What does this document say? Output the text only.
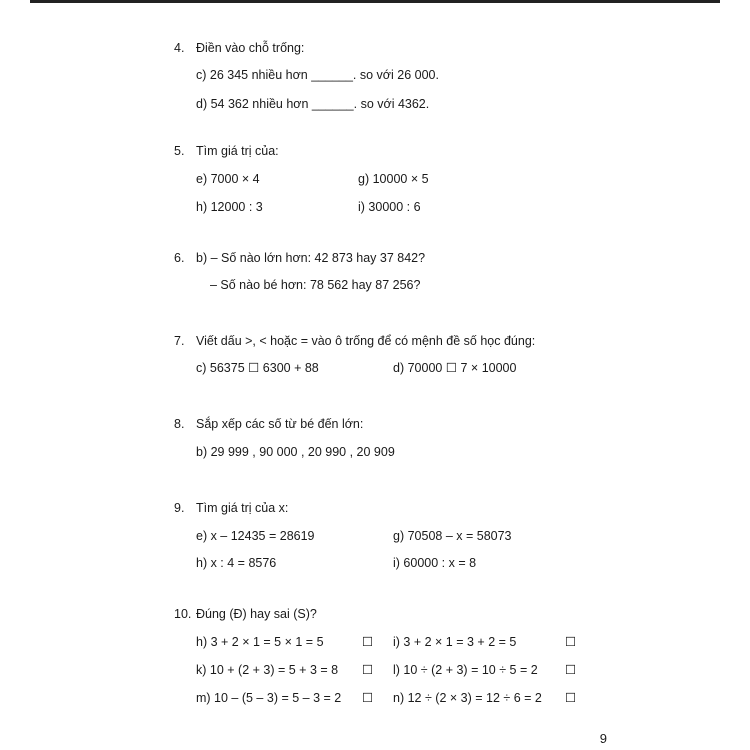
4. Điền vào chỗ trống:
c) 26 345 nhiều hơn ______. so với 26 000.
d) 54 362 nhiều hơn ______. so với 4362.
5. Tìm giá trị của:
e) 7000 × 4	g) 10000 × 5
h) 12000 : 3	i) 30000 : 6
6. b) – Số nào lớn hơn: 42 873 hay 37 842?
– Số nào bé hơn: 78 562 hay 87 256?
7. Viết dấu >, < hoặc = vào ô trống để có mệnh đề số học đúng:
c) 56375 ☐ 6300 + 88	d) 70000 ☐ 7 × 10000
8. Sắp xếp các số từ bé đến lớn:
b) 29 999 , 90 000 , 20 990 , 20 909
9. Tìm giá trị của x:
e) x – 12435 = 28619	g) 70508 – x = 58073
h) x : 4 = 8576	i) 60000 : x = 8
10. Đúng (Đ) hay sai (S)?
h) 3 + 2 × 1 = 5 × 1 = 5	☐ i) 3 + 2 × 1 = 3 + 2 = 5	☐
k) 10 + (2 + 3) = 5 + 3 = 8 ☐ l) 10 ÷ (2 + 3) = 10 ÷ 5 = 2 ☐
m) 10 – (5 – 3) = 5 – 3 = 2 ☐ n) 12 ÷ (2 × 3) = 12 ÷ 6 = 2 ☐
9
